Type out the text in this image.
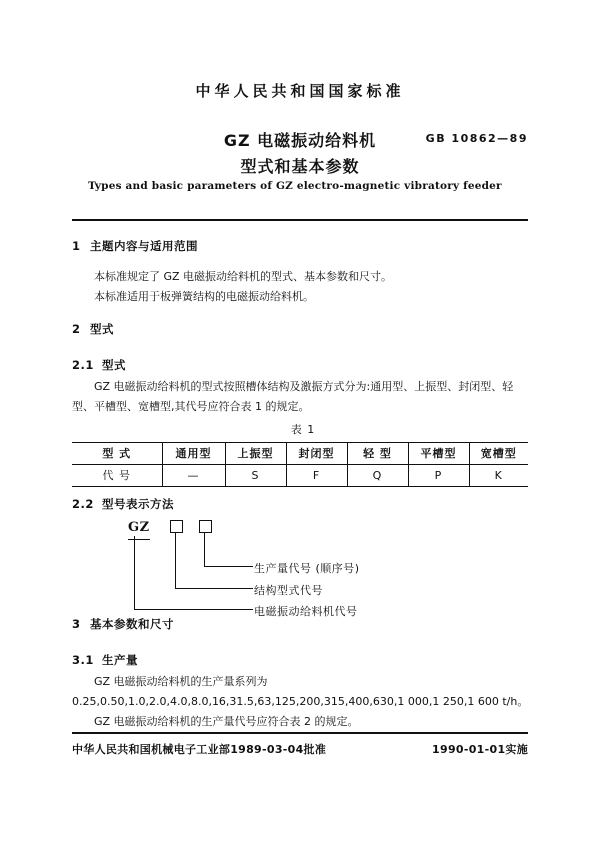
中华人民共和国国家标准
GZ 电磁振动给料机
型式和基本参数
GB 10862—89
Types and basic parameters of GZ electro-magnetic vibratory feeder
1 主题内容与适用范围

本标准规定了 GZ 电磁振动给料机的型式、基本参数和尺寸。

本标准适用于板弹簧结构的电磁振动给料机。

2 型式
2.1 型式

GZ 电磁振动给料机的型式按照槽体结构及激振方式分为:通用型、上振型、封闭型、轻型、平槽型、宽槽型,其代号应符合表 1 的规定。

表 1
型 式	通用型	上振型	封闭型	轻 型	平槽型	宽槽型
代 号	—	S	F	Q	P	K
2.2 型号表示方法
GZ
生产量代号 (顺序号)
结构型式代号
电磁振动给料机代号
3 基本参数和尺寸
3.1 生产量

GZ 电磁振动给料机的生产量系列为 0.25,0.50,1.0,2.0,4.0,8.0,16,31.5,63,125,200,315,400,630,1 000,1 250,1 600 t/h。

GZ 电磁振动给料机的生产量代号应符合表 2 的规定。

中华人民共和国机械电子工业部1989-03-04批准	1990-01-01实施
